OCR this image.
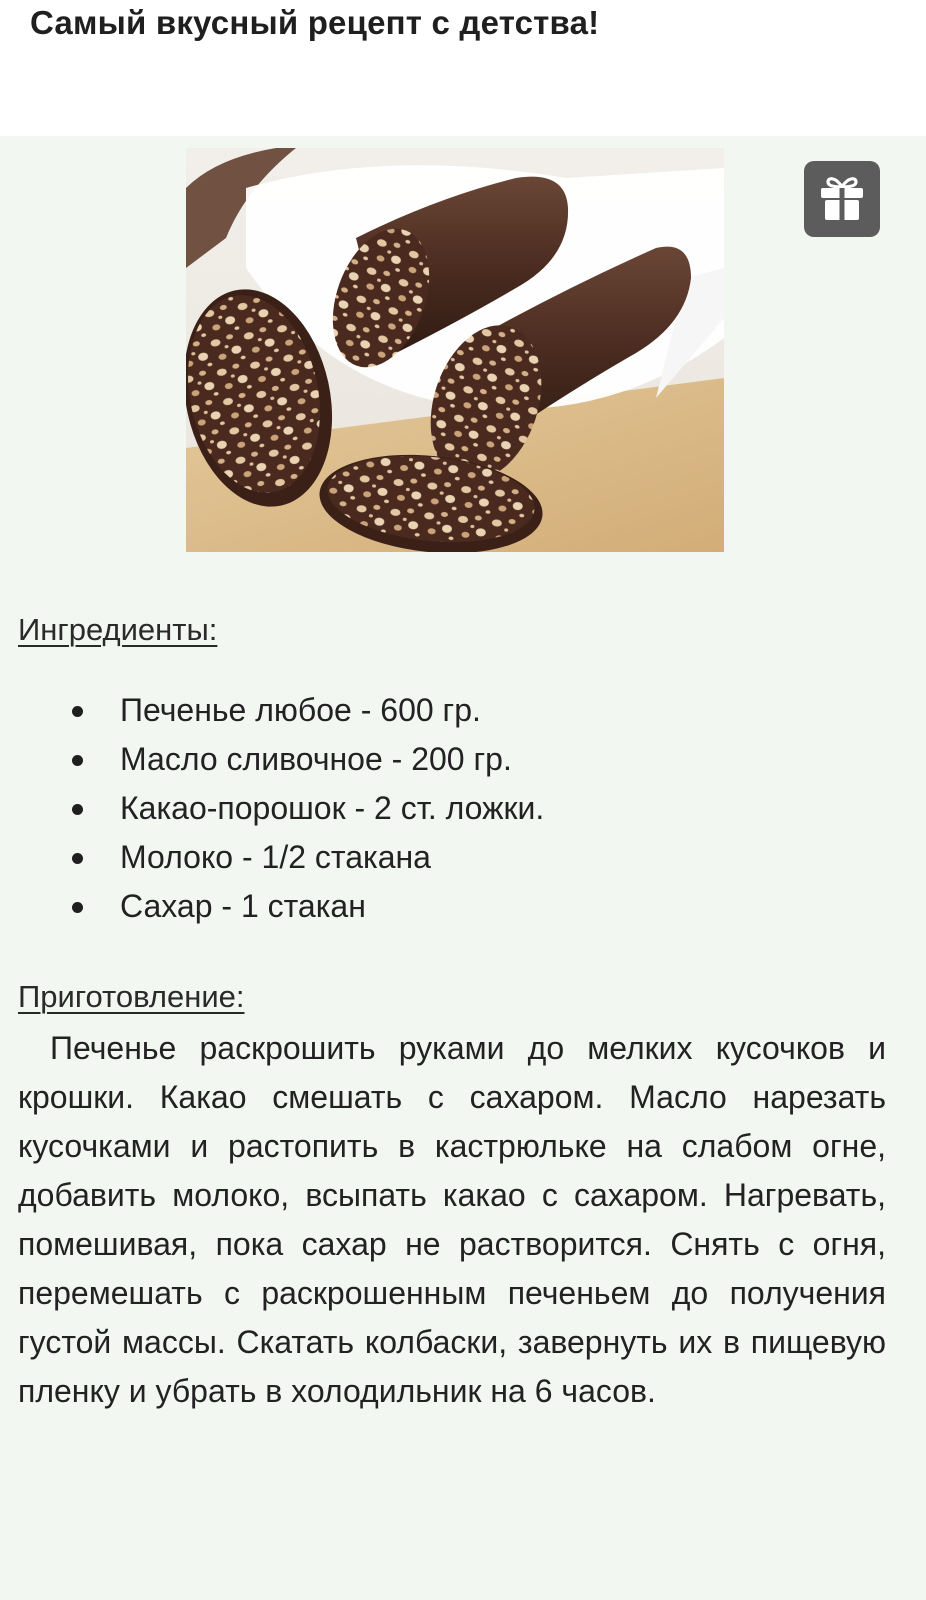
Самый вкусный рецепт с детства!
Ингредиенты:
Печенье любое - 600 гр.
Масло сливочное - 200 гр.
Какао-порошок - 2 ст. ложки.
Молоко - 1/2 стакана
Сахар - 1 стакан
Приготовление:

Печенье раскрошить руками до мелких кусочков и крошки. Какао смешать с сахаром. Масло нарезать кусочками и растопить в кастрюльке на слабом огне, добавить молоко, всыпать какао с сахаром. Нагревать, помешивая, пока сахар не растворится. Снять с огня, перемешать с раскрошенным печеньем до получения густой массы. Скатать колбаски, завернуть их в пищевую пленку и убрать в холодильник на 6 часов.
